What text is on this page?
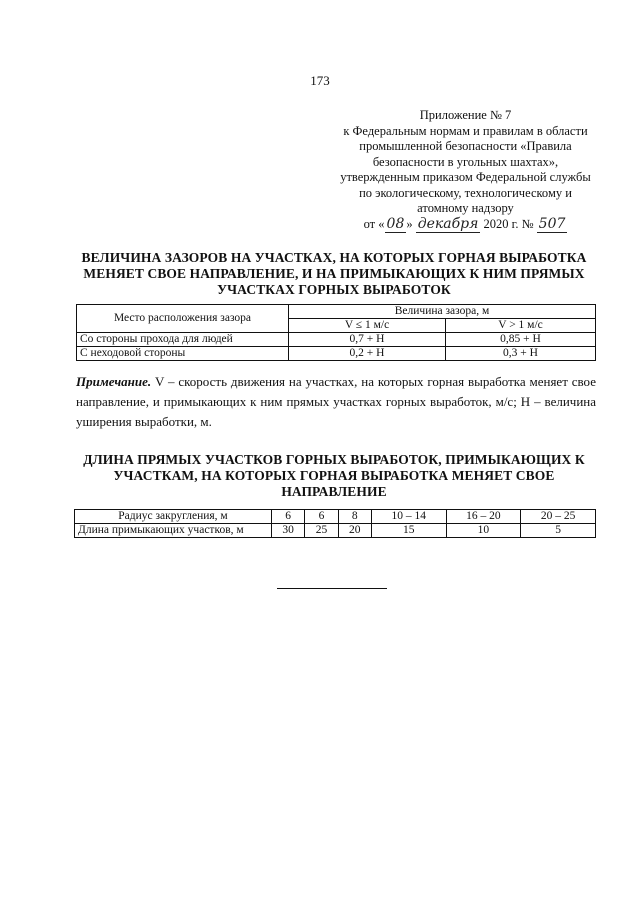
173
Приложение № 7
к Федеральным нормам и правилам в области
промышленной безопасности «Правила
безопасности в угольных шахтах»,
утвержденным приказом Федеральной службы
по экологическому, технологическому и
атомному надзору
от « 08 » декабря 2020 г. № 507
ВЕЛИЧИНА ЗАЗОРОВ НА УЧАСТКАХ, НА КОТОРЫХ ГОРНАЯ ВЫРАБОТКА МЕНЯЕТ СВОЕ НАПРАВЛЕНИЕ, И НА ПРИМЫКАЮЩИХ К НИМ ПРЯМЫХ УЧАСТКАХ ГОРНЫХ ВЫРАБОТОК
Место расположения зазора	Величина зазора, м	
	V ≤ 1 м/с	V > 1 м/с
Со стороны прохода для людей	0,7 + H	0,85 + H
С неходовой стороны	0,2 + H	0,3 + H
Примечание. V – скорость движения на участках, на которых горная выработка меняет свое направление, и примыкающих к ним прямых участках горных выработок, м/с; H – величина уширения выработки, м.
ДЛИНА ПРЯМЫХ УЧАСТКОВ ГОРНЫХ ВЫРАБОТОК, ПРИМЫКАЮЩИХ К УЧАСТКАМ, НА КОТОРЫХ ГОРНАЯ ВЫРАБОТКА МЕНЯЕТ СВОЕ НАПРАВЛЕНИЕ
Радиус закругления, м	6	6	8	10 – 14	16 – 20	20 – 25
Длина примыкающих участков, м	30	25	20	15	10	5
